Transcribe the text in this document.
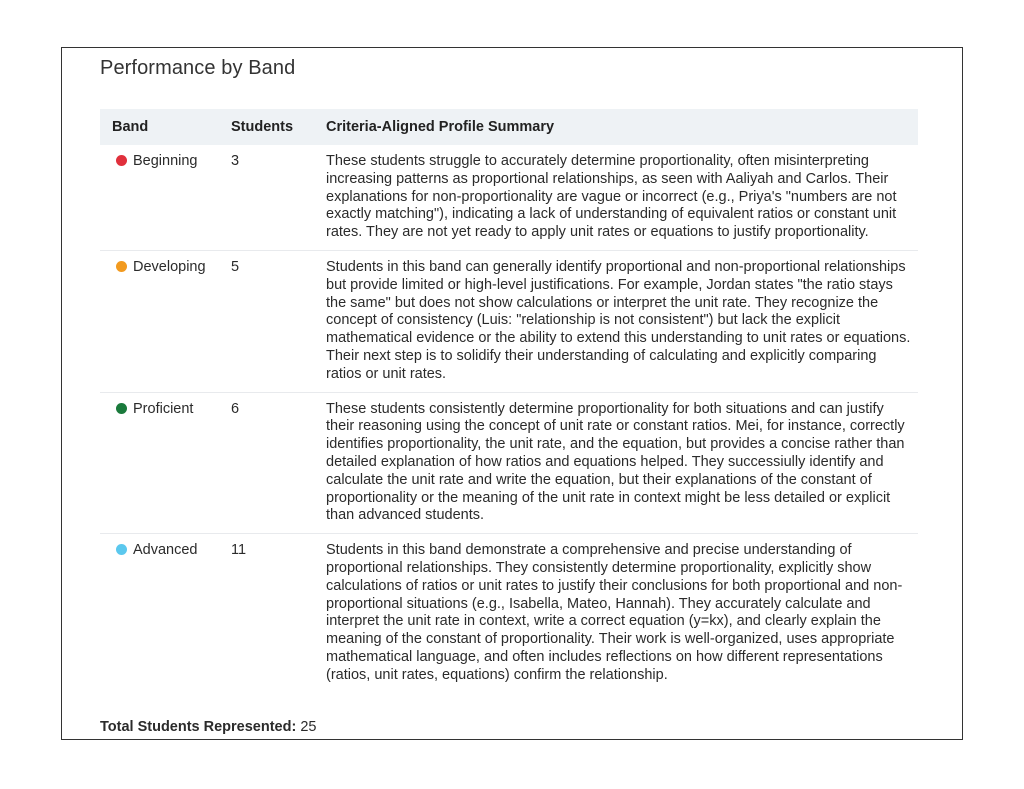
Performance by Band
Band	Students	Criteria-Aligned Profile Summary
Beginning	3	These students struggle to accurately determine proportionality, often misinterpreting increasing patterns as proportional relationships, as seen with Aaliyah and Carlos. Their explanations for non-proportionality are vague or incorrect (e.g., Priya's "numbers are not exactly matching"), indicating a lack of understanding of equivalent ratios or constant unit rates. They are not yet ready to apply unit rates or equations to justify proportionality.
Developing	5	Students in this band can generally identify proportional and non-proportional relationships but provide limited or high-level justifications. For example, Jordan states "the ratio stays the same" but does not show calculations or interpret the unit rate. They recognize the concept of consistency (Luis: "relationship is not consistent") but lack the explicit mathematical evidence or the ability to extend this understanding to unit rates or equations. Their next step is to solidify their understanding of calculating and explicitly comparing ratios or unit rates.
Proficient	6	These students consistently determine proportionality for both situations and can justify their reasoning using the concept of unit rate or constant ratios. Mei, for instance, correctly identifies proportionality, the unit rate, and the equation, but provides a concise rather than detailed explanation of how ratios and equations helped. They successiully identify and calculate the unit rate and write the equation, but their explanations of the constant of proportionality or the meaning of the unit rate in context might be less detailed or explicit than advanced students.
Advanced	11	Students in this band demonstrate a comprehensive and precise understanding of proportional relationships. They consistently determine proportionality, explicitly show calculations of ratios or unit rates to justify their conclusions for both proportional and non-proportional situations (e.g., Isabella, Mateo, Hannah). They accurately calculate and interpret the unit rate in context, write a correct equation (y=kx), and clearly explain the meaning of the constant of proportionality. Their work is well-organized, uses appropriate mathematical language, and often includes reflections on how different representations (ratios, unit rates, equations) confirm the relationship.

Total Students Represented: 25
